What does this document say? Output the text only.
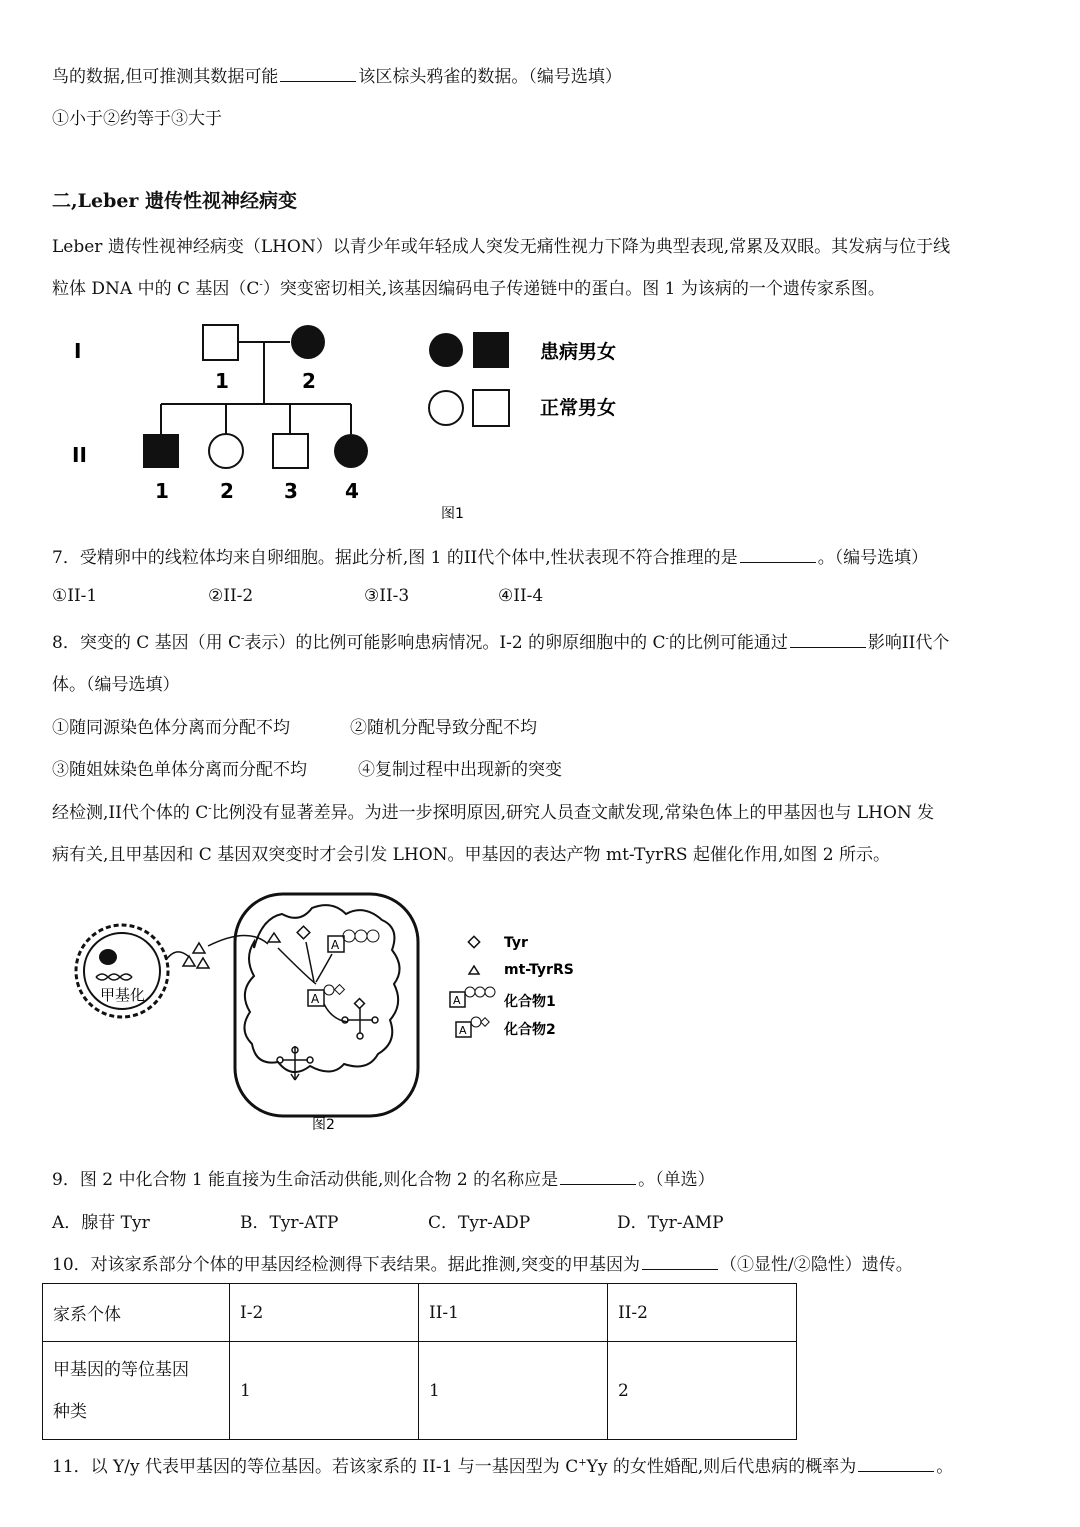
鸟的数据,但可推测其数据可能	该区棕头鸦雀的数据。（编号选填）
①小于②约等于③大于
二,Leber 遗传性视神经病变
Leber 遗传性视神经病变（LHON）以青少年或年轻成人突发无痛性视力下降为典型表现,常累及双眼。其发病与位于线
粒体 DNA 中的 C 基因（C-）突变密切相关,该基因编码电子传递链中的蛋白。图 1 为该病的一个遗传家系图。
I
II
1	2
1	2	3 4
患病男女
正常男女
图1
7．受精卵中的线粒体均来自卵细胞。据此分析,图 1 的II代个体中,性状表现不符合推理的是	。（编号选填）
①II-1	②II-2	③II-3	④II-4
8．突变的 C 基因（用 C-表示）的比例可能影响患病情况。I-2 的卵原细胞中的 C-的比例可能通过	影响II代个
体。（编号选填）
①随同源染色体分离而分配不均	②随机分配导致分配不均
③随姐妹染色单体分离而分配不均	④复制过程中出现新的突变
经检测,II代个体的 C-比例没有显著差异。为进一步探明原因,研究人员查文献发现,常染色体上的甲基因也与 LHON 发
病有关,且甲基因和 C 基因双突变时才会引发 LHON。甲基因的表达产物 mt-TyrRS 起催化作用,如图 2 所示。
甲基化
A
A
Tyr
mt-TyrRS
A	化合物1
A	化合物2
图2
9．图 2 中化合物 1 能直接为生命活动供能,则化合物 2 的名称应是	。（单选）
A．腺苷 Tyr	B．Tyr-ATP	C．Tyr-ADP	D．Tyr-AMP
10．对该家系部分个体的甲基因经检测得下表结果。据此推测,突变的甲基因为	（①显性/②隐性）遗传。
家系个体	I-2	II-1	II-2
甲基因的等位基因
种类	1	1	2
11．以 Y/y 代表甲基因的等位基因。若该家系的 II-1 与一基因型为 C+Yy 的女性婚配,则后代患病的概率为	。
